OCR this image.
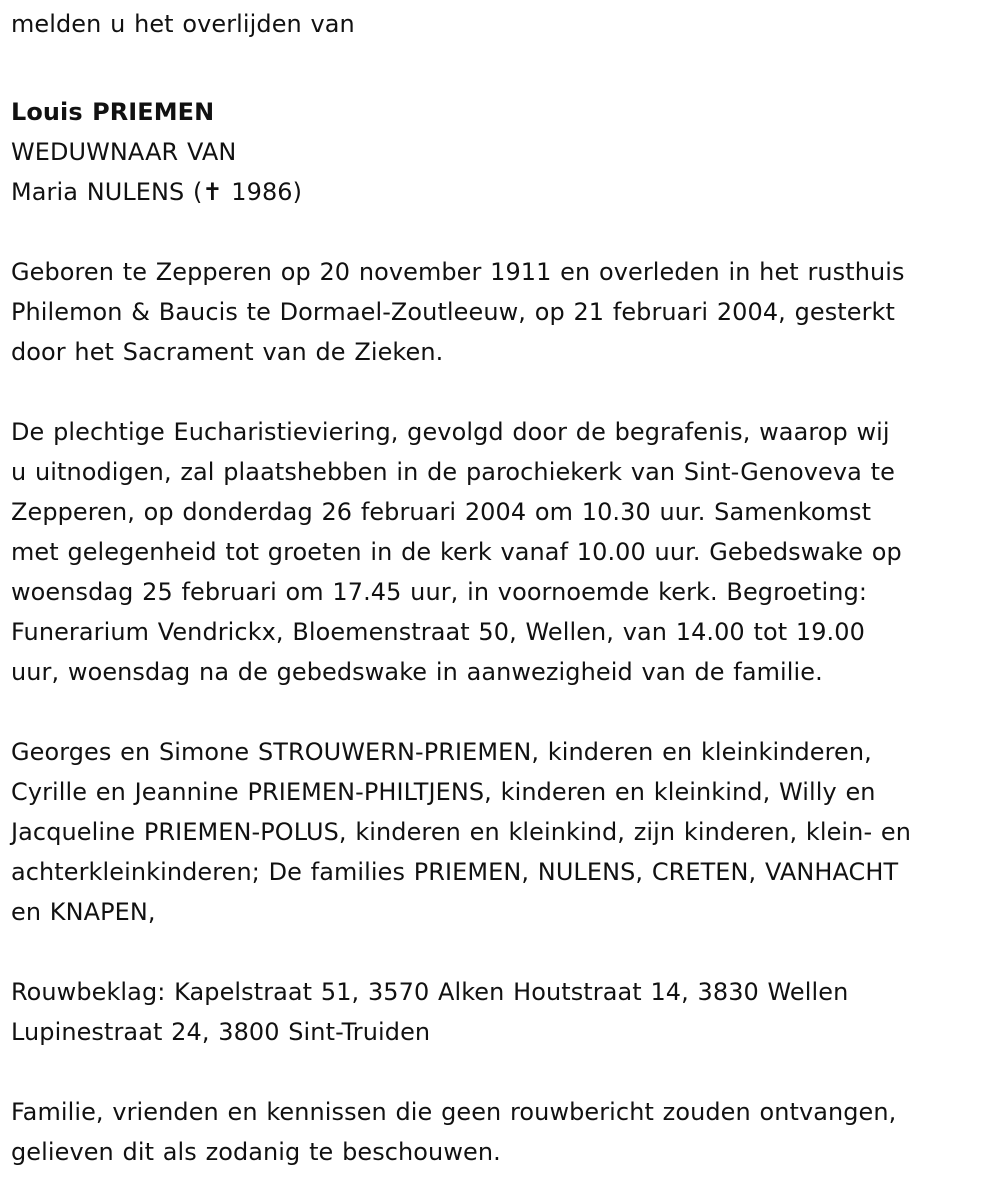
melden u het overlijden van
Louis PRIEMEN
WEDUWNAAR VAN
Maria NULENS (✝ 1986)
Geboren te Zepperen op 20 november 1911 en overleden in het rusthuis
Philemon & Baucis te Dormael-Zoutleeuw, op 21 februari 2004, gesterkt
door het Sacrament van de Zieken.
De plechtige Eucharistieviering, gevolgd door de begrafenis, waarop wij
u uitnodigen, zal plaatshebben in de parochiekerk van Sint-Genoveva te
Zepperen, op donderdag 26 februari 2004 om 10.30 uur. Samenkomst
met gelegenheid tot groeten in de kerk vanaf 10.00 uur. Gebedswake op
woensdag 25 februari om 17.45 uur, in voornoemde kerk. Begroeting:
Funerarium Vendrickx, Bloemenstraat 50, Wellen, van 14.00 tot 19.00
uur, woensdag na de gebedswake in aanwezigheid van de familie.
Georges en Simone STROUWERN-PRIEMEN, kinderen en kleinkinderen,
Cyrille en Jeannine PRIEMEN-PHILTJENS, kinderen en kleinkind, Willy en
Jacqueline PRIEMEN-POLUS, kinderen en kleinkind, zijn kinderen, klein- en
achterkleinkinderen; De families PRIEMEN, NULENS, CRETEN, VANHACHT
en KNAPEN,
Rouwbeklag: Kapelstraat 51, 3570 Alken Houtstraat 14, 3830 Wellen
Lupinestraat 24, 3800 Sint-Truiden
Familie, vrienden en kennissen die geen rouwbericht zouden ontvangen,
gelieven dit als zodanig te beschouwen.
